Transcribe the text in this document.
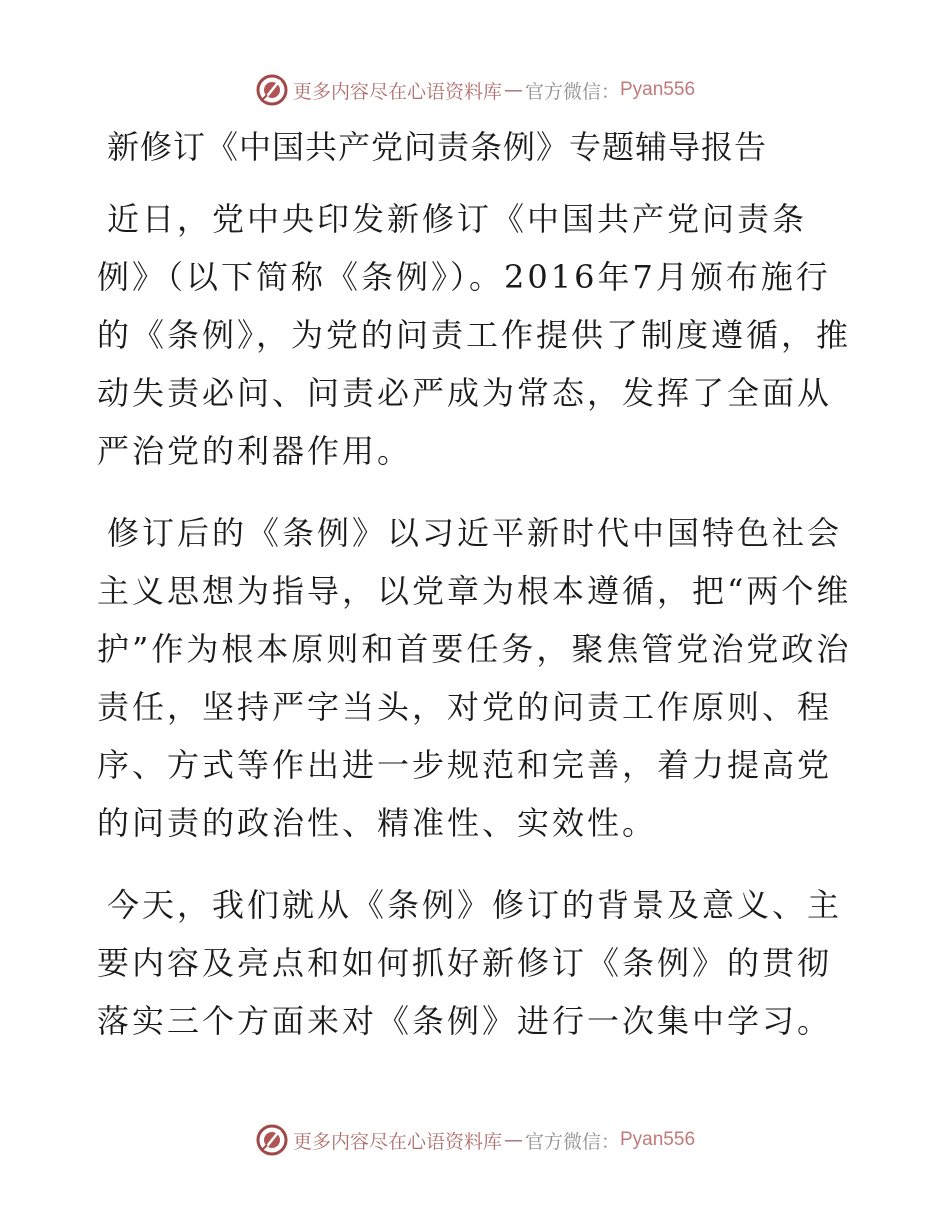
更多内容尽在心语资料库 — 官方微信： Pyan556
新修订《中国共产党问责条例》专题辅导报告

近日，党中央印发新修订《中国共产党问责条例》（以下简称《条例》）。2016年7月颁布施行的《条例》，为党的问责工作提供了制度遵循，推动失责必问、问责必严成为常态，发挥了全面从严治党的利器作用。

修订后的《条例》以习近平新时代中国特色社会主义思想为指导，以党章为根本遵循，把“两个维护”作为根本原则和首要任务，聚焦管党治党政治责任，坚持严字当头，对党的问责工作原则、程序、方式等作出进一步规范和完善，着力提高党的问责的政治性、精准性、实效性。

今天，我们就从《条例》修订的背景及意义、主要内容及亮点和如何抓好新修订《条例》的贯彻落实三个方面来对《条例》进行一次集中学习。

更多内容尽在心语资料库 — 官方微信： Pyan556
